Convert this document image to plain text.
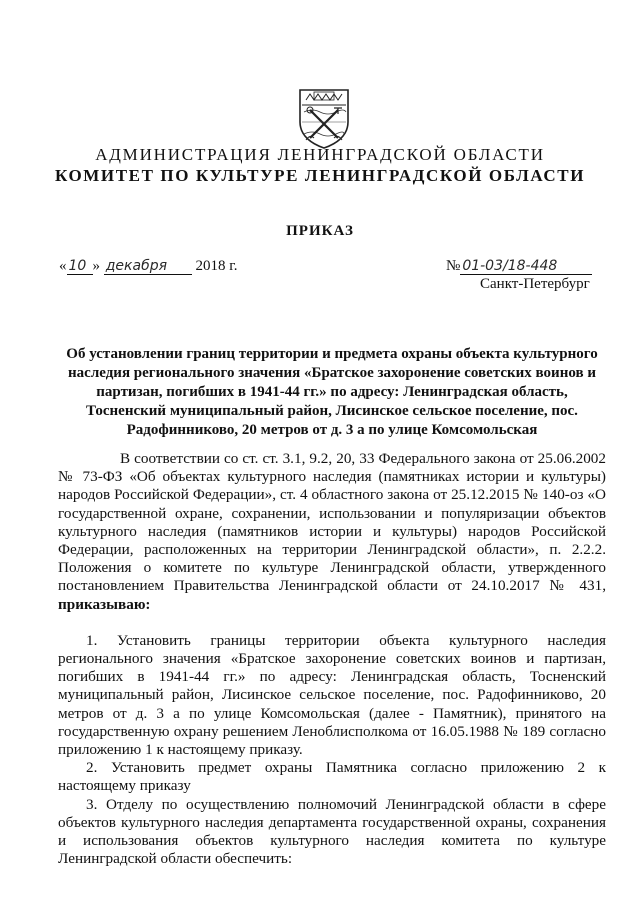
АДМИНИСТРАЦИЯ ЛЕНИНГРАДСКОЙ ОБЛАСТИ
КОМИТЕТ ПО КУЛЬТУРЕ ЛЕНИНГРАДСКОЙ ОБЛАСТИ
ПРИКАЗ
« 10 » декабря 2018 г.	№ 01-03/18-448
Санкт-Петербург
Об установлении границ территории и предмета охраны объекта культурного наследия регионального значения «Братское захоронение советских воинов и партизан, погибших в 1941-44 гг.» по адресу: Ленинградская область, Тосненский муниципальный район, Лисинское сельское поселение, пос. Радофинниково, 20 метров от д. 3 а по улице Комсомольская

В соответствии со ст. ст. 3.1, 9.2, 20, 33 Федерального закона от 25.06.2002 № 73-ФЗ «Об объектах культурного наследия (памятниках истории и культуры) народов Российской Федерации», ст. 4 областного закона от 25.12.2015 № 140-оз «О государственной охране, сохранении, использовании и популяризации объектов культурного наследия (памятников истории и культуры) народов Российской Федерации, расположенных на территории Ленинградской области», п. 2.2.2. Положения о комитете по культуре Ленинградской области, утвержденного постановлением Правительства Ленинградской области от 24.10.2017 № 431, приказываю:

1. Установить границы территории объекта культурного наследия регионального значения «Братское захоронение советских воинов и партизан, погибших в 1941-44 гг.» по адресу: Ленинградская область, Тосненский муниципальный район, Лисинское сельское поселение, пос. Радофинниково, 20 метров от д. 3 а по улице Комсомольская (далее - Памятник), принятого на государственную охрану решением Леноблисполкома от 16.05.1988 № 189 согласно приложению 1 к настоящему приказу.

2. Установить предмет охраны Памятника согласно приложению 2 к настоящему приказу

3. Отделу по осуществлению полномочий Ленинградской области в сфере объектов культурного наследия департамента государственной охраны, сохранения и использования объектов культурного наследия комитета по культуре Ленинградской области обеспечить:
